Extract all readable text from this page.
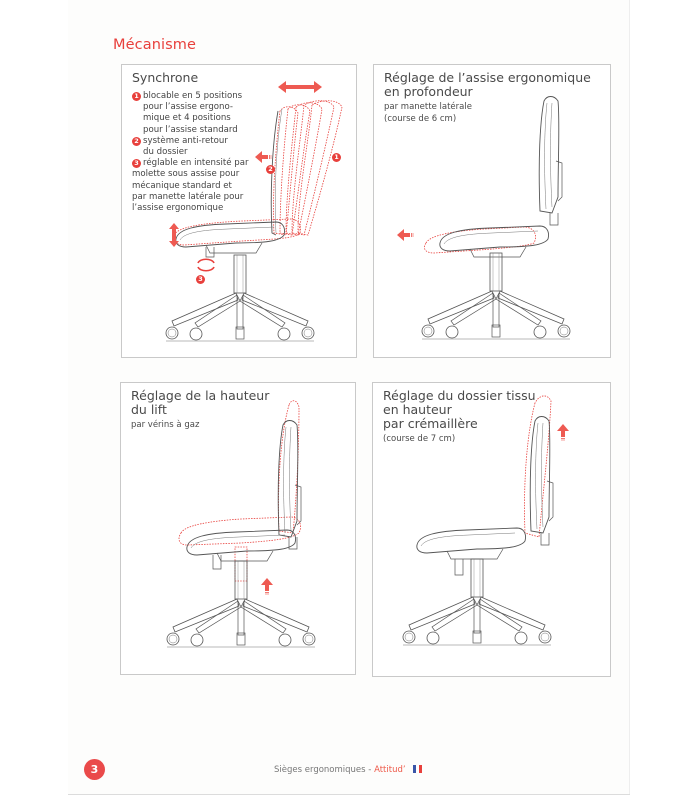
Mécanisme
Synchrone
1 blocable en 5 positions
pour l’assise ergono-
mique et 4 positions
pour l’assise standard
2 système anti-retour
du dossier
3 réglable en intensité par
molette sous assise pour
mécanique standard et
par manette latérale pour
l’assise ergonomique
1
2
3
Réglage de l’assise ergonomique
en profondeur
par manette latérale
(course de 6 cm)
Réglage de la hauteur
du lift
par vérins à gaz
Réglage du dossier tissu
en hauteur
par crémaillère
(course de 7 cm)
3	Sièges ergonomiques - Attitud’
